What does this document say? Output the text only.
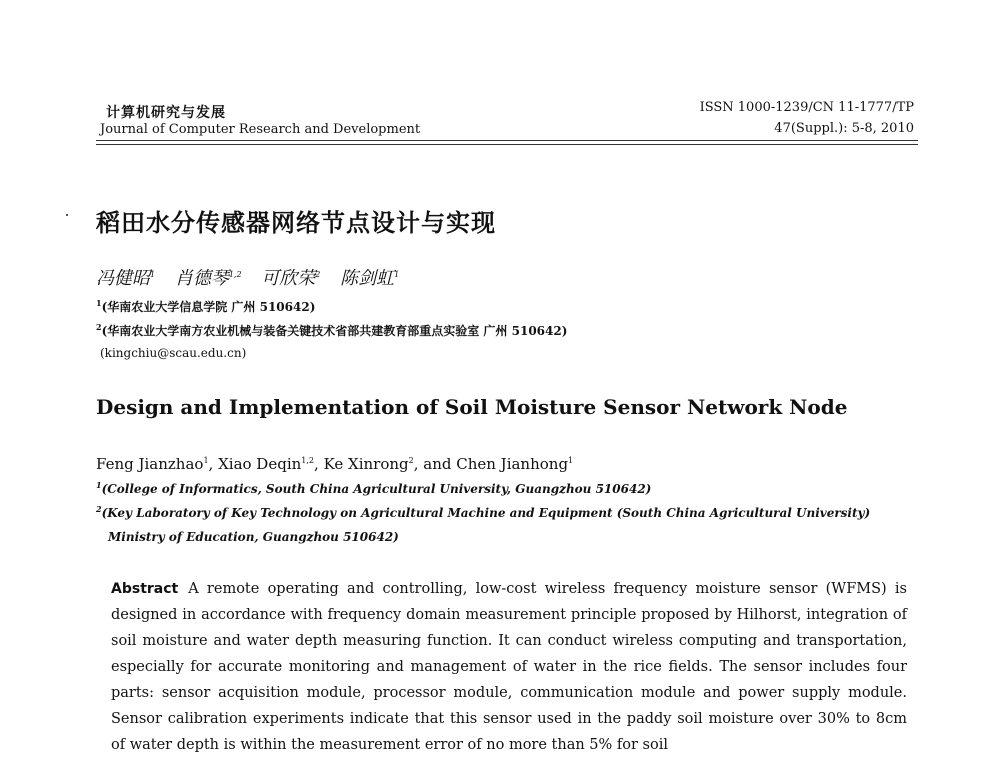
计算机研究与发展
Journal of Computer Research and Development
ISSN 1000-1239/CN 11-1777/TP
47(Suppl.): 5-8, 2010
稻田水分传感器网络节点设计与实现
冯健昭$^1$ 肖德琴$^{1,2}$ 可欣荣$^2$ 陈剑虹$^1$
$^1$(华南农业大学信息学院 广州 510642)
$^2$(华南农业大学南方农业机械与装备关键技术省部共建教育部重点实验室 广州 510642)
(kingchiu@scau.edu.cn)
Design and Implementation of Soil Moisture Sensor Network Node
Feng Jianzhao$^1$, Xiao Deqin$^{1,2}$, Ke Xinrong$^2$, and Chen Jianhong$^1$
$^1$(College of Informatics, South China Agricultural University, Guangzhou 510642)
$^2$(Key Laboratory of Key Technology on Agricultural Machine and Equipment (South China Agricultural University)
Ministry of Education, Guangzhou 510642)

Abstract A remote operating and controlling, low-cost wireless frequency moisture sensor (WFMS) is designed in accordance with frequency domain measurement principle proposed by Hilhorst, integration of soil moisture and water depth measuring function. It can conduct wireless computing and transportation, especially for accurate monitoring and management of water in the rice fields. The sensor includes four parts: sensor acquisition module, processor module, communication module and power supply module. Sensor calibration experiments indicate that this sensor used in the paddy soil moisture over 30% to 8cm of water depth is within the measurement error of no more than 5% for soil
